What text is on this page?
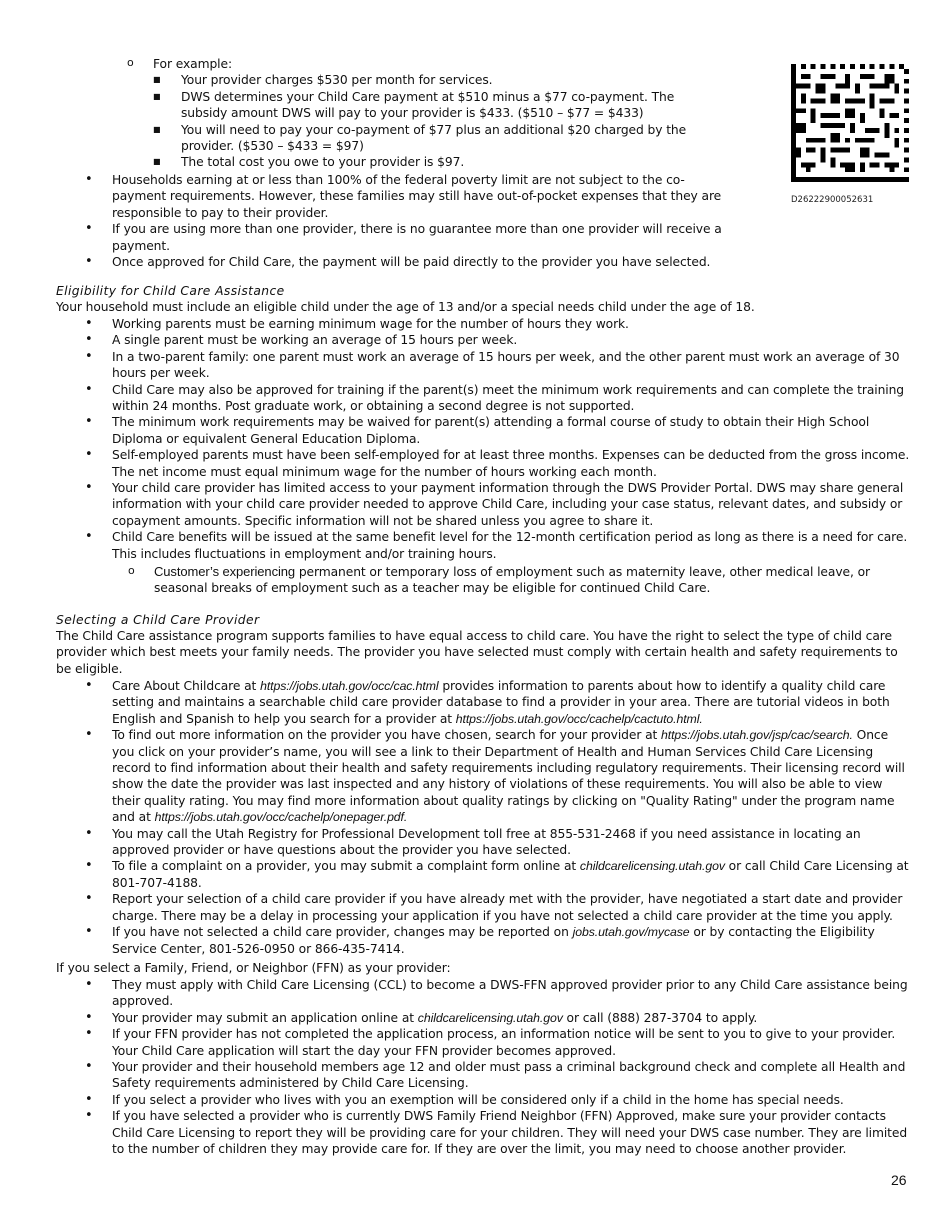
o For example:
■ Your provider charges $530 per month for services.
■ DWS determines your Child Care payment at $510 minus a $77 co-payment. The subsidy amount DWS will pay to your provider is $433. ($510 – $77 = $433)
■ You will need to pay your co-payment of $77 plus an additional $20 charged by the provider. ($530 – $433 = $97)
■ The total cost you owe to your provider is $97.
• Households earning at or less than 100% of the federal poverty limit are not subject to the co-payment requirements. However, these families may still have out-of-pocket expenses that they are responsible to pay to their provider.
• If you are using more than one provider, there is no guarantee more than one provider will receive a payment.
• Once approved for Child Care, the payment will be paid directly to the provider you have selected.
D26222900052631
Eligibility for Child Care Assistance
Your household must include an eligible child under the age of 13 and/or a special needs child under the age of 18.
• Working parents must be earning minimum wage for the number of hours they work.
• A single parent must be working an average of 15 hours per week.
• In a two-parent family: one parent must work an average of 15 hours per week, and the other parent must work an average of 30 hours per week.
• Child Care may also be approved for training if the parent(s) meet the minimum work requirements and can complete the training within 24 months. Post graduate work, or obtaining a second degree is not supported.
• The minimum work requirements may be waived for parent(s) attending a formal course of study to obtain their High School Diploma or equivalent General Education Diploma.
• Self-employed parents must have been self-employed for at least three months. Expenses can be deducted from the gross income. The net income must equal minimum wage for the number of hours working each month.
• Your child care provider has limited access to your payment information through the DWS Provider Portal. DWS may share general information with your child care provider needed to approve Child Care, including your case status, relevant dates, and subsidy or copayment amounts. Specific information will not be shared unless you agree to share it.
• Child Care benefits will be issued at the same benefit level for the 12-month certification period as long as there is a need for care. This includes fluctuations in employment and/or training hours.
o Customer’s experiencing permanent or temporary loss of employment such as maternity leave, other medical leave, or seasonal breaks of employment such as a teacher may be eligible for continued Child Care.
Selecting a Child Care Provider
The Child Care assistance program supports families to have equal access to child care. You have the right to select the type of child care provider which best meets your family needs. The provider you have selected must comply with certain health and safety requirements to be eligible.
• Care About Childcare at https://jobs.utah.gov/occ/cac.html provides information to parents about how to identify a quality child care setting and maintains a searchable child care provider database to find a provider in your area. There are tutorial videos in both English and Spanish to help you search for a provider at https://jobs.utah.gov/occ/cachelp/cactuto.html.
• To find out more information on the provider you have chosen, search for your provider at https://jobs.utah.gov/jsp/cac/search. Once you click on your provider’s name, you will see a link to their Department of Health and Human Services Child Care Licensing record to find information about their health and safety requirements including regulatory requirements. Their licensing record will show the date the provider was last inspected and any history of violations of these requirements. You will also be able to view their quality rating. You may find more information about quality ratings by clicking on "Quality Rating" under the program name and at https://jobs.utah.gov/occ/cachelp/onepager.pdf.
• You may call the Utah Registry for Professional Development toll free at 855-531-2468 if you need assistance in locating an approved provider or have questions about the provider you have selected.
• To file a complaint on a provider, you may submit a complaint form online at childcarelicensing.utah.gov or call Child Care Licensing at 801-707-4188.
• Report your selection of a child care provider if you have already met with the provider, have negotiated a start date and provider charge. There may be a delay in processing your application if you have not selected a child care provider at the time you apply.
• If you have not selected a child care provider, changes may be reported on jobs.utah.gov/mycase or by contacting the Eligibility Service Center, 801-526-0950 or 866-435-7414.
If you select a Family, Friend, or Neighbor (FFN) as your provider:
• They must apply with Child Care Licensing (CCL) to become a DWS-FFN approved provider prior to any Child Care assistance being approved.
• Your provider may submit an application online at childcarelicensing.utah.gov or call (888) 287-3704 to apply.
• If your FFN provider has not completed the application process, an information notice will be sent to you to give to your provider. Your Child Care application will start the day your FFN provider becomes approved.
• Your provider and their household members age 12 and older must pass a criminal background check and complete all Health and Safety requirements administered by Child Care Licensing.
• If you select a provider who lives with you an exemption will be considered only if a child in the home has special needs.
• If you have selected a provider who is currently DWS Family Friend Neighbor (FFN) Approved, make sure your provider contacts Child Care Licensing to report they will be providing care for your children. They will need your DWS case number. They are limited to the number of children they may provide care for. If they are over the limit, you may need to choose another provider.
26
